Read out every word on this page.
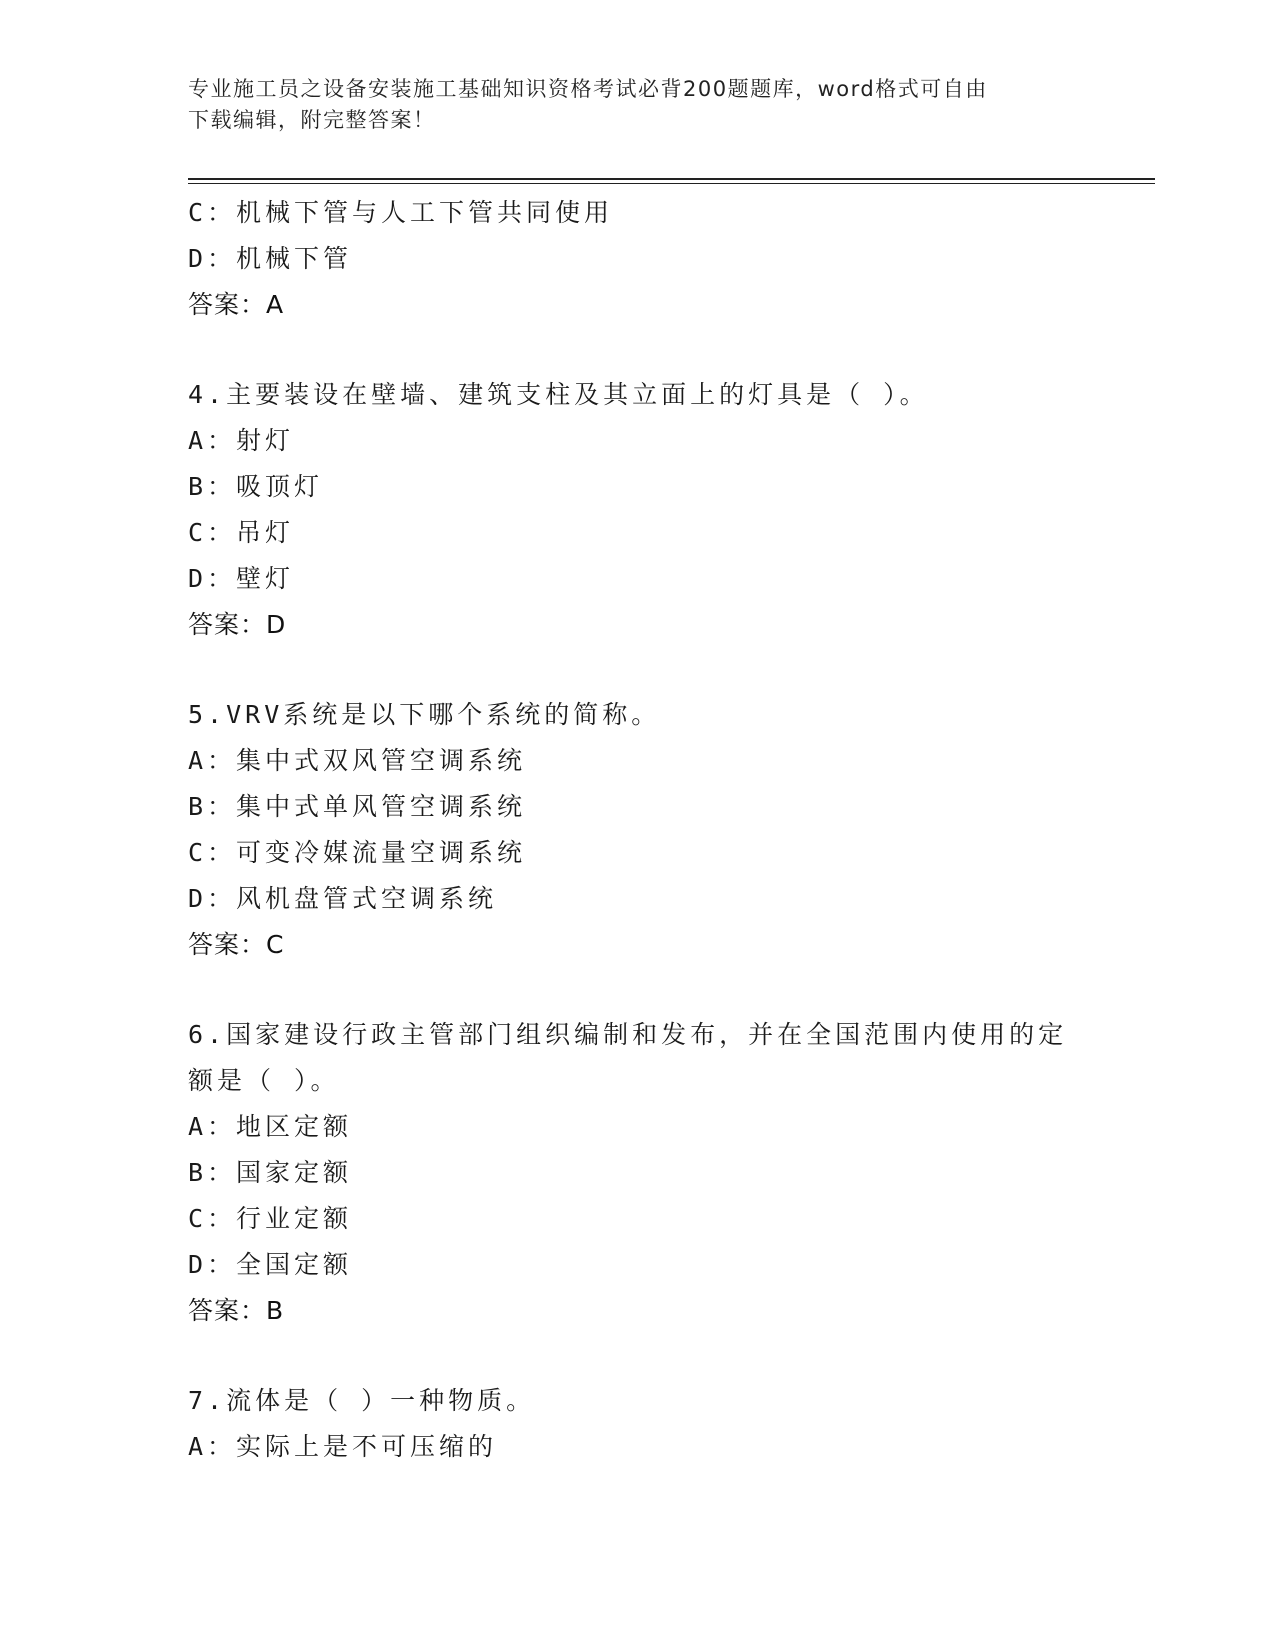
专业施工员之设备安装施工基础知识资格考试必背200题题库，word格式可自由
下载编辑，附完整答案！
C：机械下管与人工下管共同使用
D：机械下管
答案：A
4.主要装设在壁墙、建筑支柱及其立面上的灯具是（ ）。
A：射灯
B：吸顶灯
C：吊灯
D：壁灯
答案：D
5.VRV系统是以下哪个系统的简称。
A：集中式双风管空调系统
B：集中式单风管空调系统
C：可变冷媒流量空调系统
D：风机盘管式空调系统
答案：C
6.国家建设行政主管部门组织编制和发布，并在全国范围内使用的定
额是（ ）。
A：地区定额
B：国家定额
C：行业定额
D：全国定额
答案：B
7.流体是（ ）一种物质。
A：实际上是不可压缩的
